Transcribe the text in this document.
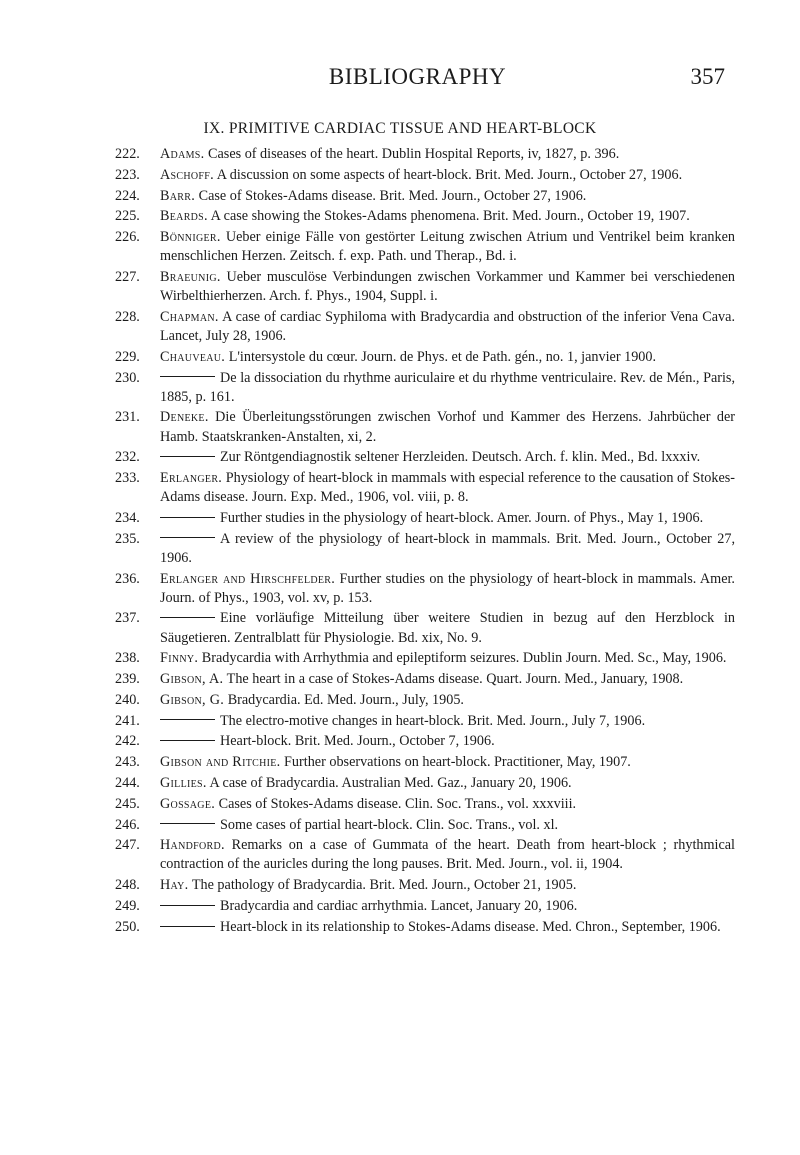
BIBLIOGRAPHY	357
IX. PRIMITIVE CARDIAC TISSUE AND HEART-BLOCK
222. Adams. Cases of diseases of the heart. Dublin Hospital Reports, iv, 1827, p. 396.
223. Aschoff. A discussion on some aspects of heart-block. Brit. Med. Journ., October 27, 1906.
224. Barr. Case of Stokes-Adams disease. Brit. Med. Journ., October 27, 1906.
225. Beards. A case showing the Stokes-Adams phenomena. Brit. Med. Journ., October 19, 1907.
226. Bönniger. Ueber einige Fälle von gestörter Leitung zwischen Atrium und Ventrikel beim kranken menschlichen Herzen. Zeitsch. f. exp. Path. und Therap., Bd. i.
227. Braeunig. Ueber musculöse Verbindungen zwischen Vorkammer und Kammer bei verschiedenen Wirbelthierherzen. Arch. f. Phys., 1904, Suppl. i.
228. Chapman. A case of cardiac Syphiloma with Bradycardia and obstruction of the inferior Vena Cava. Lancet, July 28, 1906.
229. Chauveau. L'intersystole du cœur. Journ. de Phys. et de Path. gén., no. 1, janvier 1900.
230.	De la dissociation du rhythme auriculaire et du rhythme ventriculaire. Rev. de Mén., Paris, 1885, p. 161.
231. Deneke. Die Überleitungsstörungen zwischen Vorhof und Kammer des Herzens. Jahrbücher der Hamb. Staatskranken-Anstalten, xi, 2.
232.	Zur Röntgendiagnostik seltener Herzleiden. Deutsch. Arch. f. klin. Med., Bd. lxxxiv.
233. Erlanger. Physiology of heart-block in mammals with especial reference to the causation of Stokes-Adams disease. Journ. Exp. Med., 1906, vol. viii, p. 8.
234.	Further studies in the physiology of heart-block. Amer. Journ. of Phys., May 1, 1906.
235.	A review of the physiology of heart-block in mammals. Brit. Med. Journ., October 27, 1906.
236. Erlanger and Hirschfelder. Further studies on the physiology of heart-block in mammals. Amer. Journ. of Phys., 1903, vol. xv, p. 153.
237.	Eine vorläufige Mitteilung über weitere Studien in bezug auf den Herzblock in Säugetieren. Zentralblatt für Physiologie. Bd. xix, No. 9.
238. Finny. Bradycardia with Arrhythmia and epileptiform seizures. Dublin Journ. Med. Sc., May, 1906.
239. Gibson, A. The heart in a case of Stokes-Adams disease. Quart. Journ. Med., January, 1908.
240. Gibson, G. Bradycardia. Ed. Med. Journ., July, 1905.
241.	The electro-motive changes in heart-block. Brit. Med. Journ., July 7, 1906.
242.	Heart-block. Brit. Med. Journ., October 7, 1906.
243. Gibson and Ritchie. Further observations on heart-block. Practitioner, May, 1907.
244. Gillies. A case of Bradycardia. Australian Med. Gaz., January 20, 1906.
245. Gossage. Cases of Stokes-Adams disease. Clin. Soc. Trans., vol. xxxviii.
246.	Some cases of partial heart-block. Clin. Soc. Trans., vol. xl.
247. Handford. Remarks on a case of Gummata of the heart. Death from heart-block ; rhythmical contraction of the auricles during the long pauses. Brit. Med. Journ., vol. ii, 1904.
248. Hay. The pathology of Bradycardia. Brit. Med. Journ., October 21, 1905.
249.	Bradycardia and cardiac arrhythmia. Lancet, January 20, 1906.
250.	Heart-block in its relationship to Stokes-Adams disease. Med. Chron., September, 1906.
